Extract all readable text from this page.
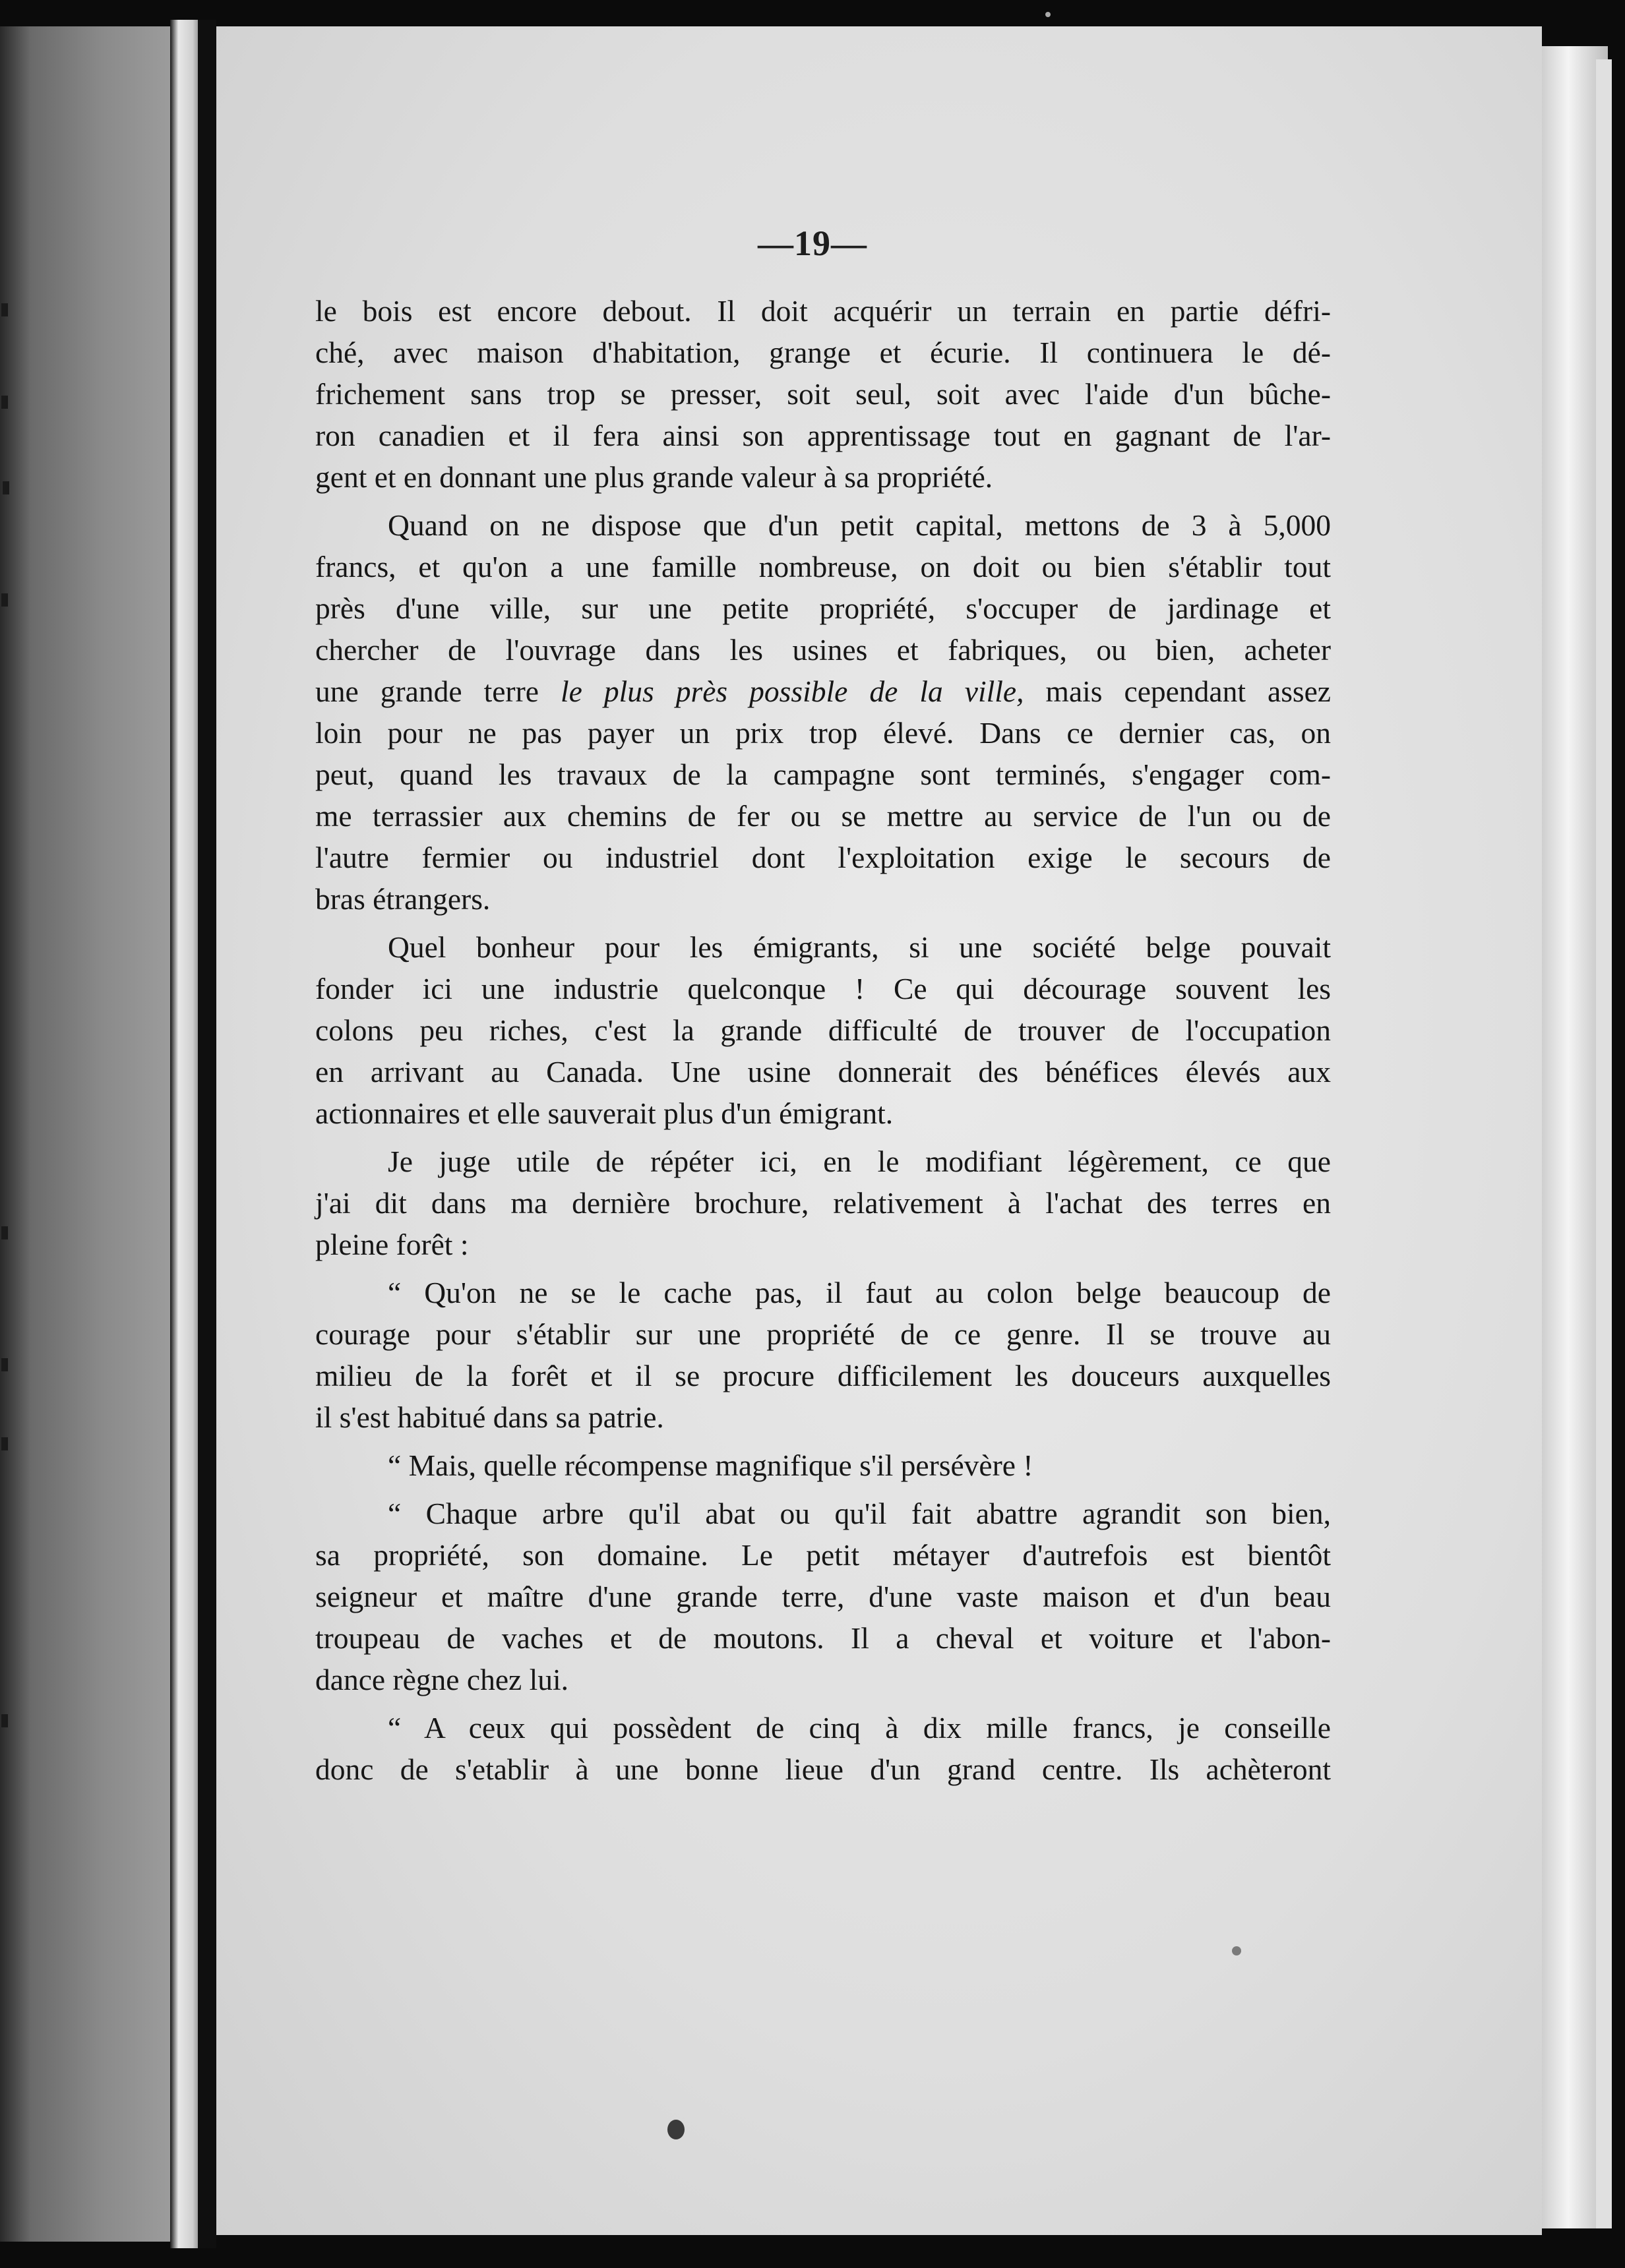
—19—
le bois est encore debout. Il doit acquérir un terrain en partie défri-
ché, avec maison d'habitation, grange et écurie. Il continuera le dé-
frichement sans trop se presser, soit seul, soit avec l'aide d'un bûche-
ron canadien et il fera ainsi son apprentissage tout en gagnant de l'ar-
gent et en donnant une plus grande valeur à sa propriété.
Quand on ne dispose que d'un petit capital, mettons de 3 à 5,000
francs, et qu'on a une famille nombreuse, on doit ou bien s'établir tout
près d'une ville, sur une petite propriété, s'occuper de jardinage et
chercher de l'ouvrage dans les usines et fabriques, ou bien, acheter
une grande terre le plus près possible de la ville, mais cependant assez
loin pour ne pas payer un prix trop élevé. Dans ce dernier cas, on
peut, quand les travaux de la campagne sont terminés, s'engager com-
me terrassier aux chemins de fer ou se mettre au service de l'un ou de
l'autre fermier ou industriel dont l'exploitation exige le secours de
bras étrangers.
Quel bonheur pour les émigrants, si une société belge pouvait
fonder ici une industrie quelconque ! Ce qui décourage souvent les
colons peu riches, c'est la grande difficulté de trouver de l'occupation
en arrivant au Canada. Une usine donnerait des bénéfices élevés aux
actionnaires et elle sauverait plus d'un émigrant.
Je juge utile de répéter ici, en le modifiant légèrement, ce que
j'ai dit dans ma dernière brochure, relativement à l'achat des terres en
pleine forêt :
“ Qu'on ne se le cache pas, il faut au colon belge beaucoup de
courage pour s'établir sur une propriété de ce genre. Il se trouve au
milieu de la forêt et il se procure difficilement les douceurs auxquelles
il s'est habitué dans sa patrie.
“ Mais, quelle récompense magnifique s'il persévère !
“ Chaque arbre qu'il abat ou qu'il fait abattre agrandit son bien,
sa propriété, son domaine. Le petit métayer d'autrefois est bientôt
seigneur et maître d'une grande terre, d'une vaste maison et d'un beau
troupeau de vaches et de moutons. Il a cheval et voiture et l'abon-
dance règne chez lui.
“ A ceux qui possèdent de cinq à dix mille francs, je conseille
donc de s'etablir à une bonne lieue d'un grand centre. Ils achèteront
